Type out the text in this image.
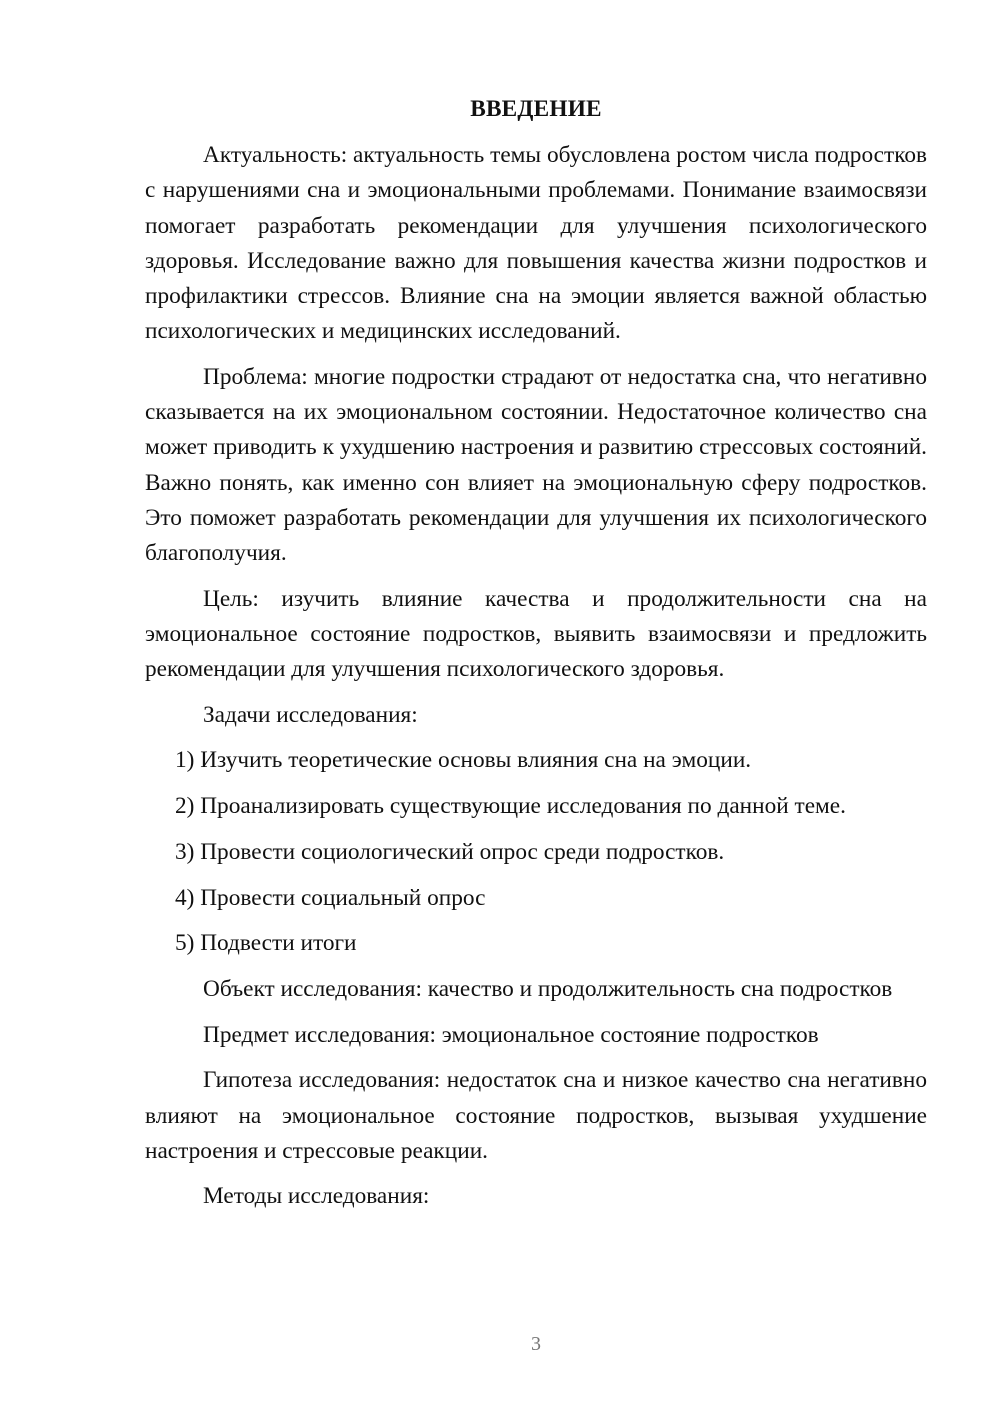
ВВЕДЕНИЕ

Актуальность: актуальность темы обусловлена ростом числа подростков с нарушениями сна и эмоциональными проблемами. Понимание взаимосвязи помогает разработать рекомендации для улучшения психологического здоровья. Исследование важно для повышения качества жизни подростков и профилактики стрессов. Влияние сна на эмоции является важной областью психологических и медицинских исследований.

Проблема: многие подростки страдают от недостатка сна, что негативно сказывается на их эмоциональном состоянии. Недостаточное количество сна может приводить к ухудшению настроения и развитию стрессовых состояний. Важно понять, как именно сон влияет на эмоциональную сферу подростков. Это поможет разработать рекомендации для улучшения их психологического благополучия.

Цель: изучить влияние качества и продолжительности сна на эмоциональное состояние подростков, выявить взаимосвязи и предложить рекомендации для улучшения психологического здоровья.

Задачи исследования:

1) Изучить теоретические основы влияния сна на эмоции.
2) Проанализировать существующие исследования по данной теме.
3) Провести социологический опрос среди подростков.
4) Провести социальный опрос
5) Подвести итоги

Объект исследования: качество и продолжительность сна подростков

Предмет исследования: эмоциональное состояние подростков

Гипотеза исследования: недостаток сна и низкое качество сна негативно влияют на эмоциональное состояние подростков, вызывая ухудшение настроения и стрессовые реакции.

Методы исследования:

3
